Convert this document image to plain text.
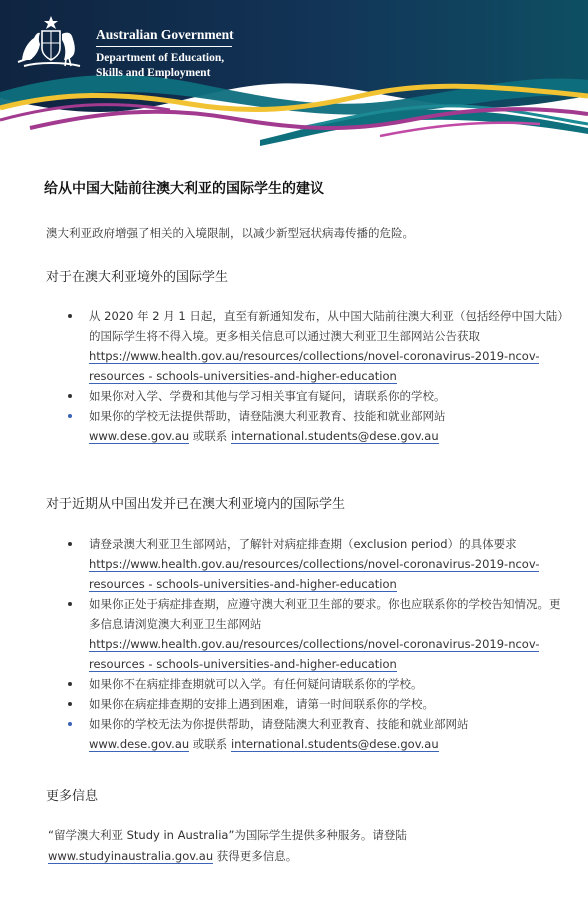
Australian Government
Department of Education,
Skills and Employment
给从中国大陆前往澳大利亚的国际学生的建议
澳大利亚政府增强了相关的入境限制，以减少新型冠状病毒传播的危险。
对于在澳大利亚境外的国际学生
从 2020 年 2 月 1 日起，直至有新通知发布，从中国大陆前往澳大利亚（包括经停中国大陆）的国际学生将不得入境。更多相关信息可以通过澳大利亚卫生部网站公告获取 https://www.health.gov.au/resources/collections/novel-coronavirus-2019-ncov-resources - schools-universities-and-higher-education
如果你对入学、学费和其他与学习相关事宜有疑问，请联系你的学校。
如果你的学校无法提供帮助，请登陆澳大利亚教育、技能和就业部网站
www.dese.gov.au 或联系 international.students@dese.gov.au
对于近期从中国出发并已在澳大利亚境内的国际学生
请登录澳大利亚卫生部网站，了解针对病症排查期（exclusion period）的具体要求 https://www.health.gov.au/resources/collections/novel-coronavirus-2019-ncov-resources - schools-universities-and-higher-education
如果你正处于病症排查期，应遵守澳大利亚卫生部的要求。你也应联系你的学校告知情况。更多信息请浏览澳大利亚卫生部网站 https://www.health.gov.au/resources/collections/novel-coronavirus-2019-ncov-resources - schools-universities-and-higher-education
如果你不在病症排查期就可以入学。有任何疑问请联系你的学校。
如果你在病症排查期的安排上遇到困难，请第一时间联系你的学校。
如果你的学校无法为你提供帮助，请登陆澳大利亚教育、技能和就业部网站
www.dese.gov.au 或联系 international.students@dese.gov.au
更多信息
“留学澳大利亚 Study in Australia”为国际学生提供多种服务。请登陆
www.studyinaustralia.gov.au 获得更多信息。
